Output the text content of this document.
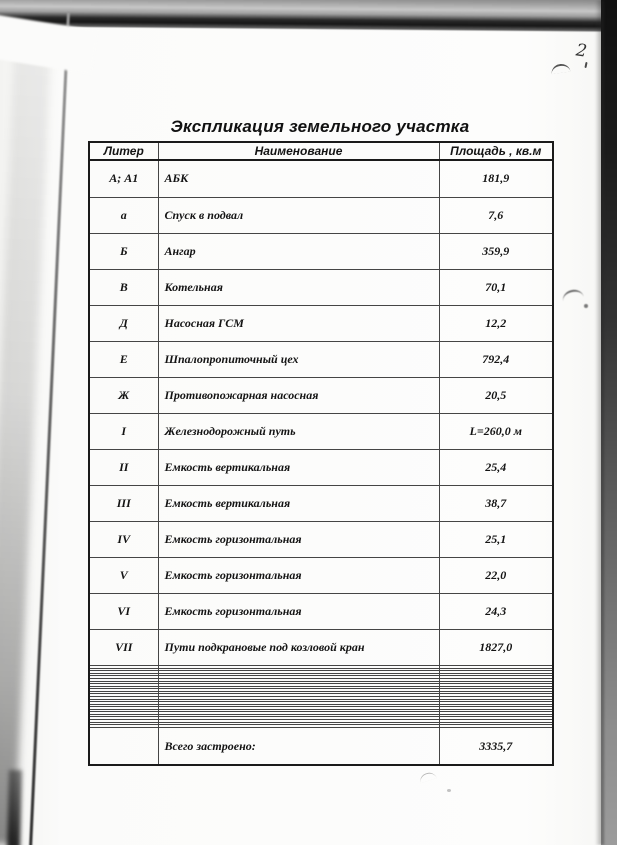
2
Экспликация земельного участка
Литер	Наименование	Площадь , кв.м
А; А1	АБК	181,9
а	Спуск в подвал	7,6
Б	Ангар	359,9
В	Котельная	70,1
Д	Насосная ГСМ	12,2
Е	Шпалопропиточный цех	792,4
Ж	Противопожарная насосная	20,5
I	Железнодорожный путь	L=260,0 м
II	Емкость вертикальная	25,4
III	Емкость вертикальная	38,7
IV	Емкость горизонтальная	25,1
V	Емкость горизонтальная	22,0
VI	Емкость горизонтальная	24,3
VII	Пути подкрановые под козловой кран	1827,0

	Всего застроено:	3335,7
